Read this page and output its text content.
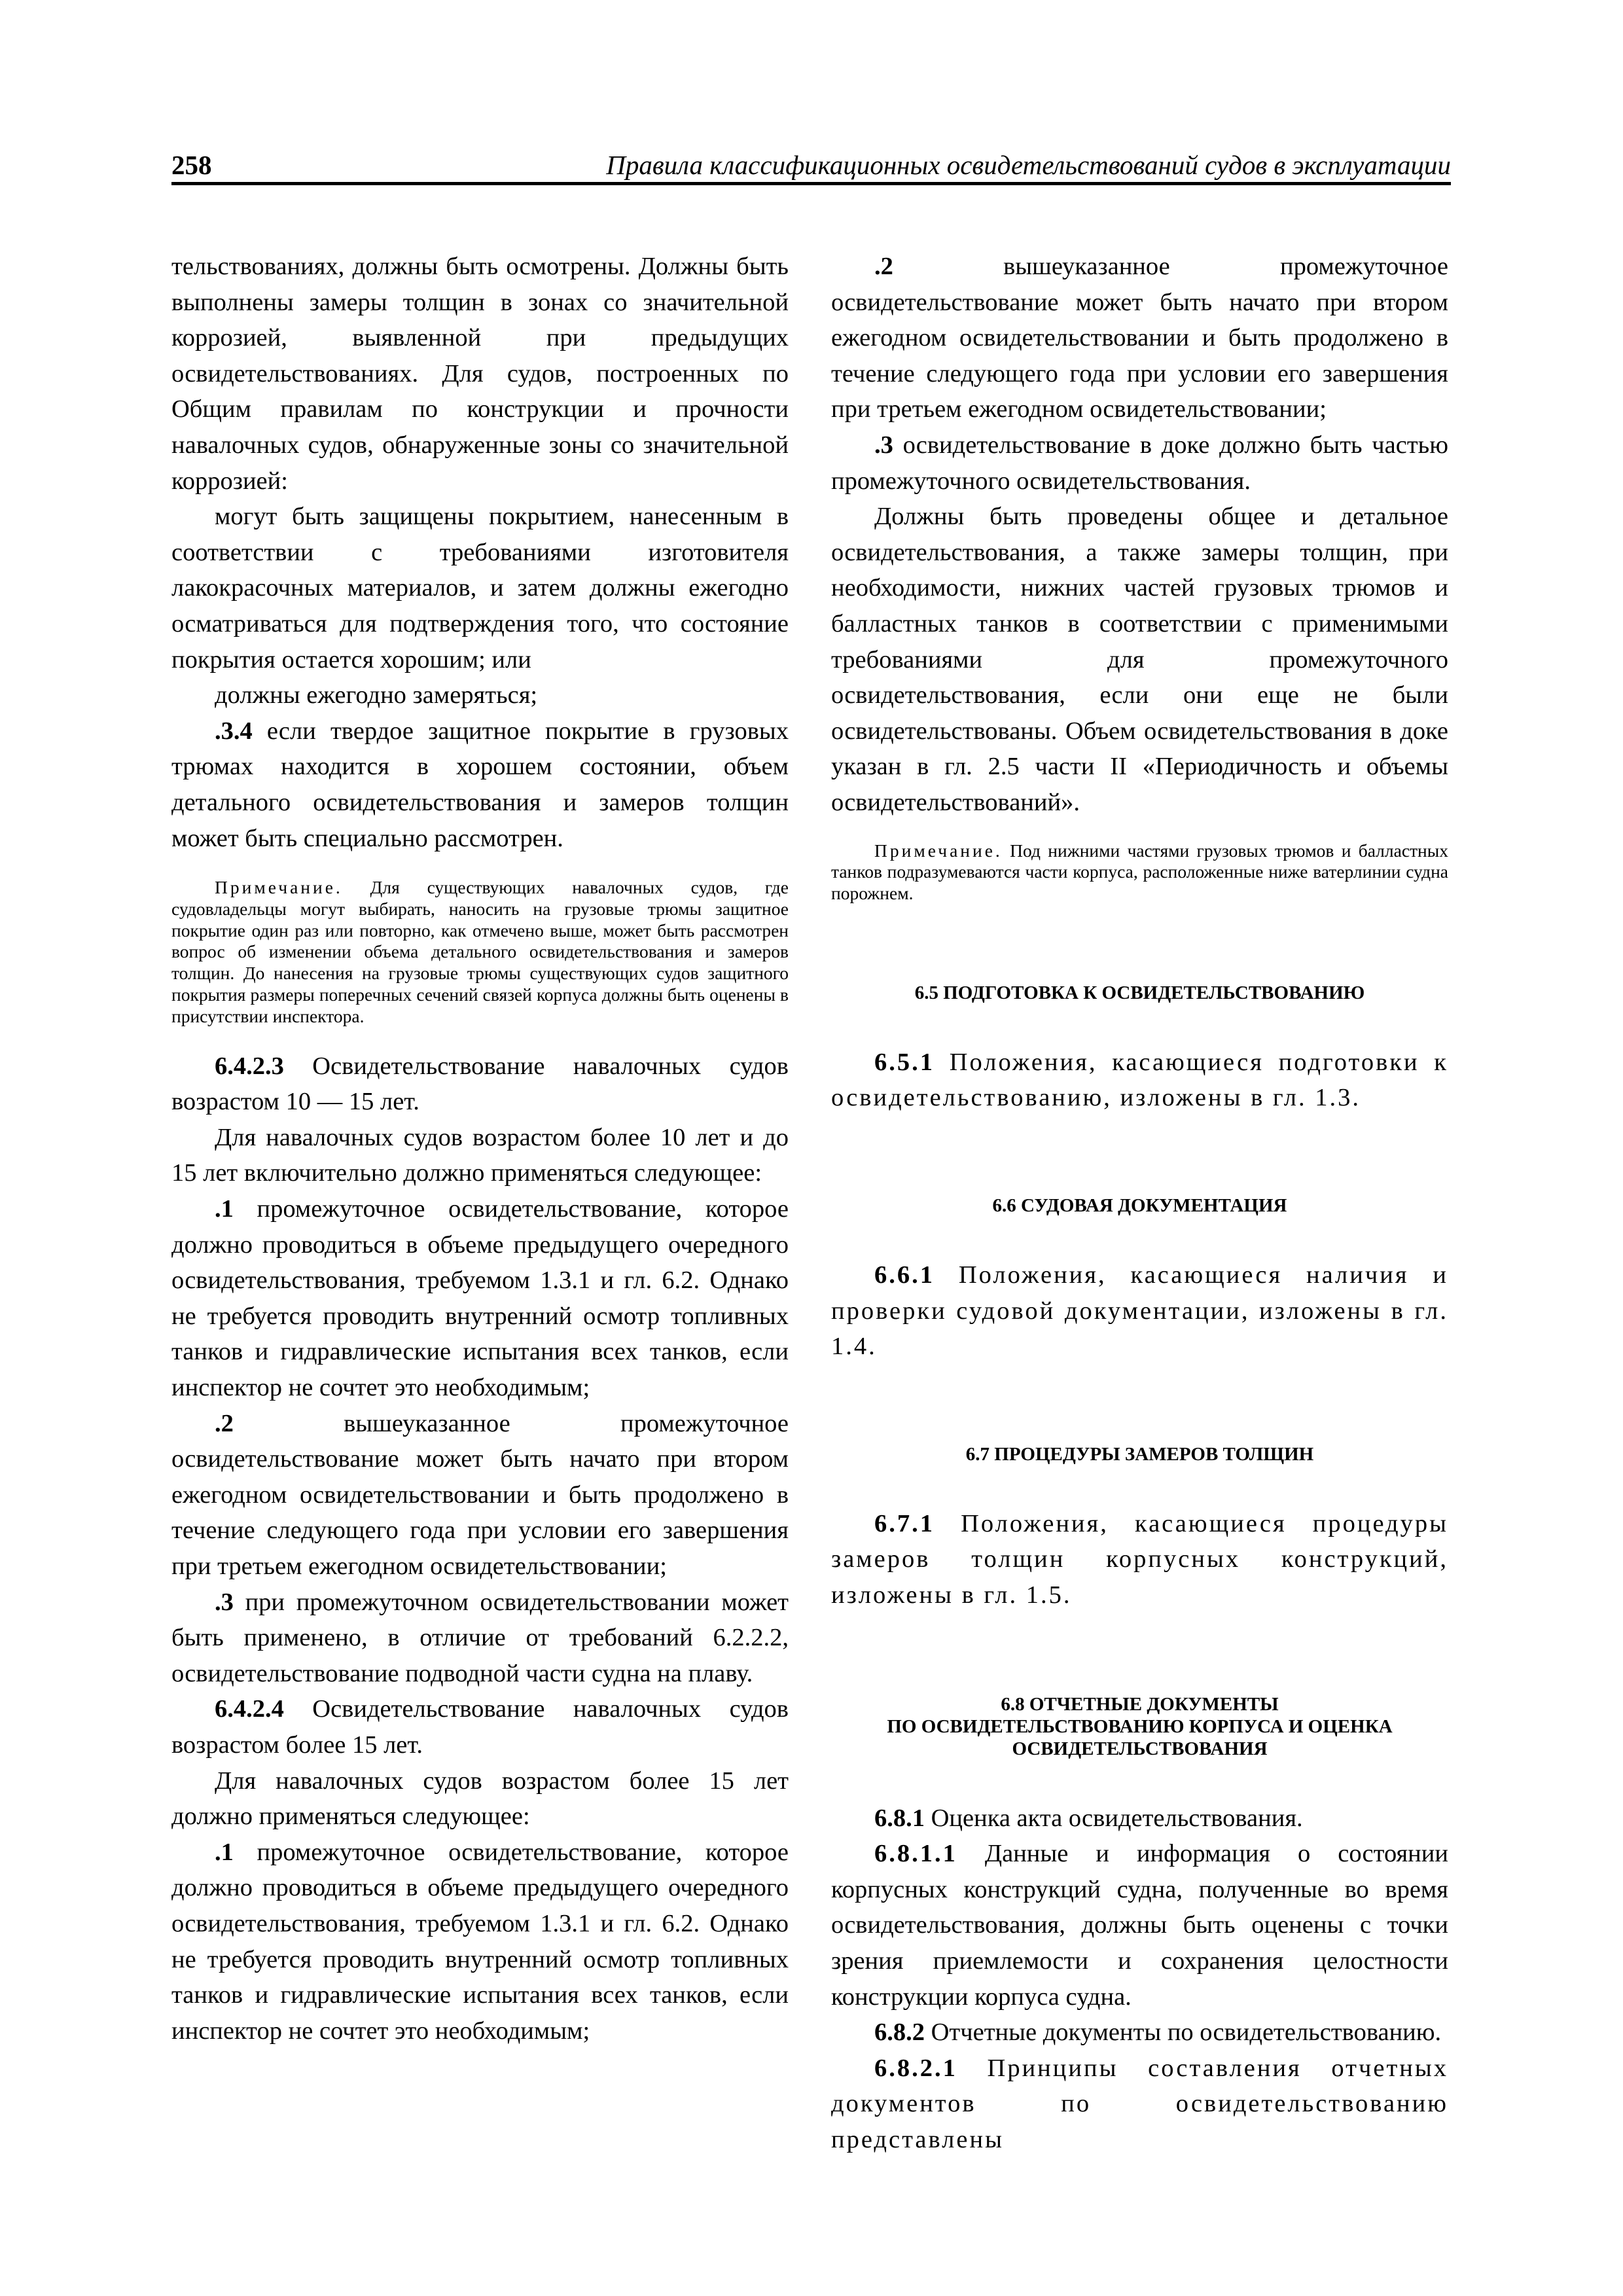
258	Правила классификационных освидетельствований судов в эксплуатации

тельствованиях, должны быть осмотрены. Должны быть выполнены замеры толщин в зонах со значительной коррозией, выявленной при предыдущих освидетельствованиях. Для судов, построенных по Общим правилам по конструкции и прочности навалочных судов, обнаруженные зоны со значительной коррозией:

могут быть защищены покрытием, нанесенным в соответствии с требованиями изготовителя лакокрасочных материалов, и затем должны ежегодно осматриваться для подтверждения того, что состояние покрытия остается хорошим; или

должны ежегодно замеряться;

.3.4 если твердое защитное покрытие в грузовых трюмах находится в хорошем состоянии, объем детального освидетельствования и замеров толщин может быть специально рассмотрен.

Примечание. Для существующих навалочных судов, где судовладельцы могут выбирать, наносить на грузовые трюмы защитное покрытие один раз или повторно, как отмечено выше, может быть рассмотрен вопрос об изменении объема детального освидетельствования и замеров толщин. До нанесения на грузовые трюмы существующих судов защитного покрытия размеры поперечных сечений связей корпуса должны быть оценены в присутствии инспектора.

6.4.2.3 Освидетельствование навалочных судов возрастом 10 — 15 лет.

Для навалочных судов возрастом более 10 лет и до 15 лет включительно должно применяться следующее:

.1 промежуточное освидетельствование, которое должно проводиться в объеме предыдущего очередного освидетельствования, требуемом 1.3.1 и гл. 6.2. Однако не требуется проводить внутренний осмотр топливных танков и гидравлические испытания всех танков, если инспектор не сочтет это необходимым;

.2 вышеуказанное промежуточное освидетельствование может быть начато при втором ежегодном освидетельствовании и быть продолжено в течение следующего года при условии его завершения при третьем ежегодном освидетельствовании;

.3 при промежуточном освидетельствовании может быть применено, в отличие от требований 6.2.2.2, освидетельствование подводной части судна на плаву.

6.4.2.4 Освидетельствование навалочных судов возрастом более 15 лет.

Для навалочных судов возрастом более 15 лет должно применяться следующее:

.1 промежуточное освидетельствование, которое должно проводиться в объеме предыдущего очередного освидетельствования, требуемом 1.3.1 и гл. 6.2. Однако не требуется проводить внутренний осмотр топливных танков и гидравлические испытания всех танков, если инспектор не сочтет это необходимым;

.2 вышеуказанное промежуточное освидетельствование может быть начато при втором ежегодном освидетельствовании и быть продолжено в течение следующего года при условии его завершения при третьем ежегодном освидетельствовании;

.3 освидетельствование в доке должно быть частью промежуточного освидетельствования.

Должны быть проведены общее и детальное освидетельствования, а также замеры толщин, при необходимости, нижних частей грузовых трюмов и балластных танков в соответствии с применимыми требованиями для промежуточного освидетельствования, если они еще не были освидетельствованы. Объем освидетельствования в доке указан в гл. 2.5 части II «Периодичность и объемы освидетельствований».

Примечание. Под нижними частями грузовых трюмов и балластных танков подразумеваются части корпуса, расположенные ниже ватерлинии судна порожнем.
6.5 ПОДГОТОВКА К ОСВИДЕТЕЛЬСТВОВАНИЮ

6.5.1 Положения, касающиеся подготовки к освидетельствованию, изложены в гл. 1.3.

6.6 СУДОВАЯ ДОКУМЕНТАЦИЯ

6.6.1 Положения, касающиеся наличия и проверки судовой документации, изложены в гл. 1.4.

6.7 ПРОЦЕДУРЫ ЗАМЕРОВ ТОЛЩИН

6.7.1 Положения, касающиеся процедуры замеров толщин корпусных конструкций, изложены в гл. 1.5.

6.8 ОТЧЕТНЫЕ ДОКУМЕНТЫ
ПО ОСВИДЕТЕЛЬСТВОВАНИЮ КОРПУСА И ОЦЕНКА
ОСВИДЕТЕЛЬСТВОВАНИЯ

6.8.1 Оценка акта освидетельствования.

6.8.1.1 Данные и информация о состоянии корпусных конструкций судна, полученные во время освидетельствования, должны быть оценены с точки зрения приемлемости и сохранения целостности конструкции корпуса судна.

6.8.2 Отчетные документы по освидетельствованию.

6.8.2.1 Принципы составления отчетных документов по освидетельствованию представлены
